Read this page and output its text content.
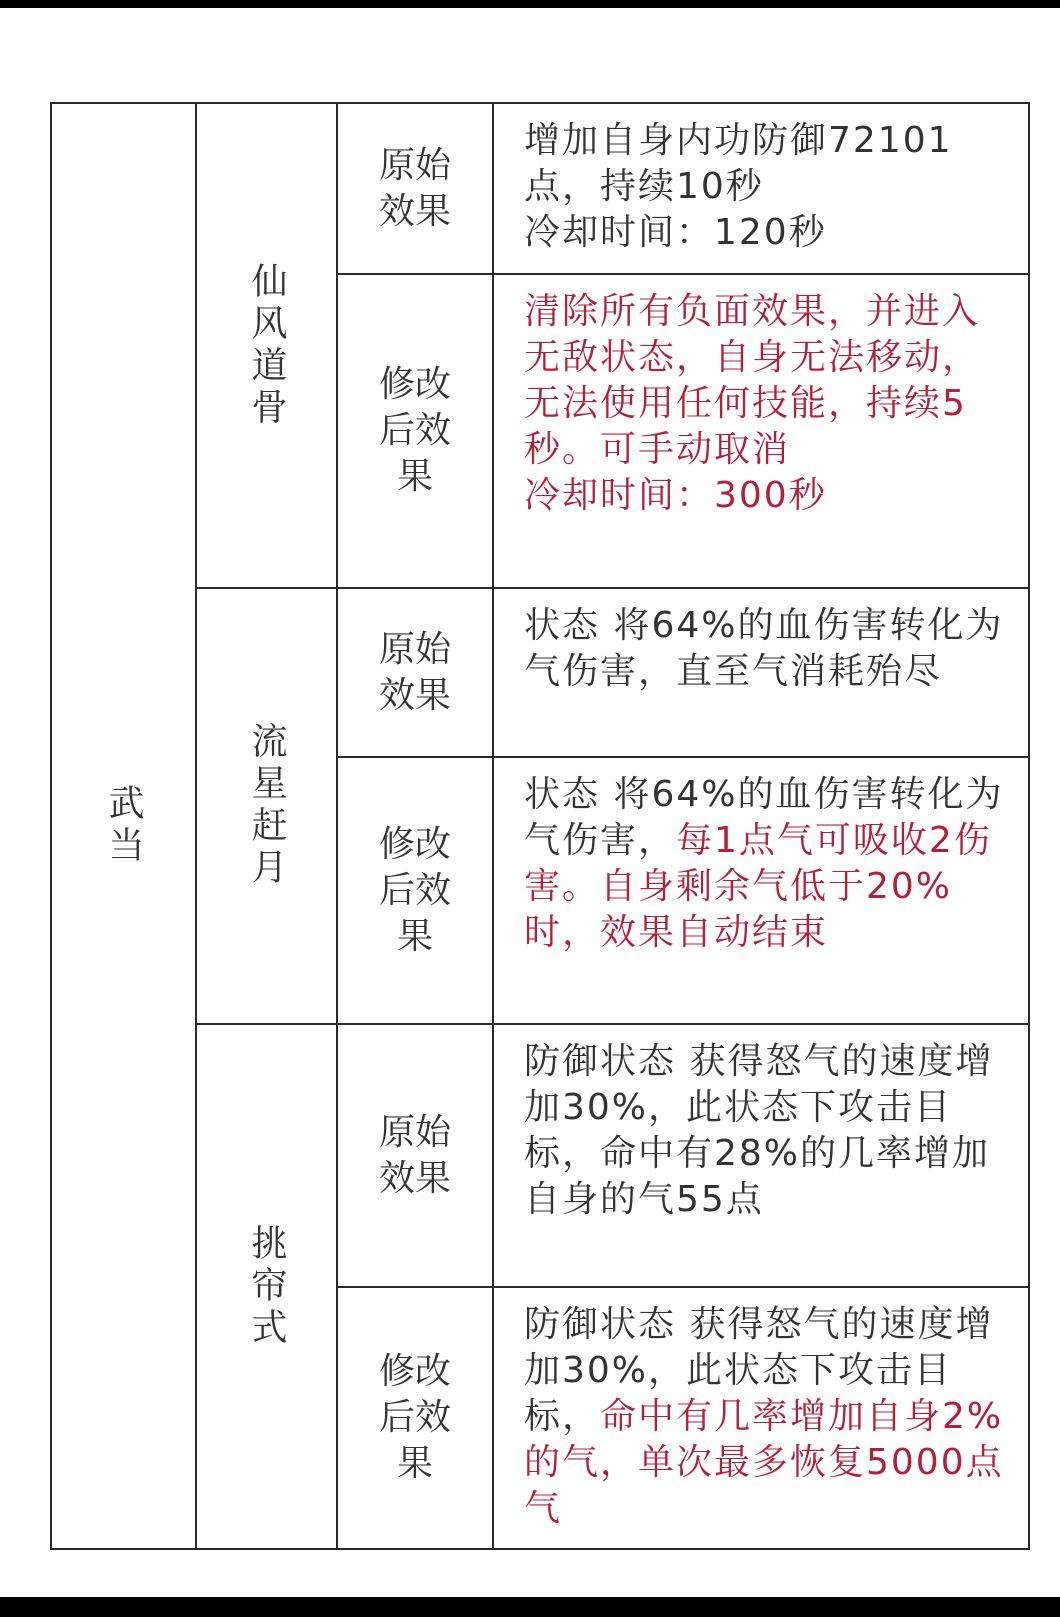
武当
仙风道骨
流星赶月
挑帘式
原始效果
修改后效果
原始效果
修改后效果
原始效果
修改后效果
增加自身内功防御72101点，持续10秒
冷却时间：120秒
清除所有负面效果，并进入无敌状态，自身无法移动，无法使用任何技能，持续5秒。可手动取消
冷却时间：300秒
状态 将64%的血伤害转化为气伤害，直至气消耗殆尽
状态 将64%的血伤害转化为气伤害，每1点气可吸收2伤害。自身剩余气低于20%时，效果自动结束
防御状态 获得怒气的速度增加30%，此状态下攻击目标，命中有28%的几率增加自身的气55点
防御状态 获得怒气的速度增加30%，此状态下攻击目标，命中有几率增加自身2%的气，单次最多恢复5000点气
